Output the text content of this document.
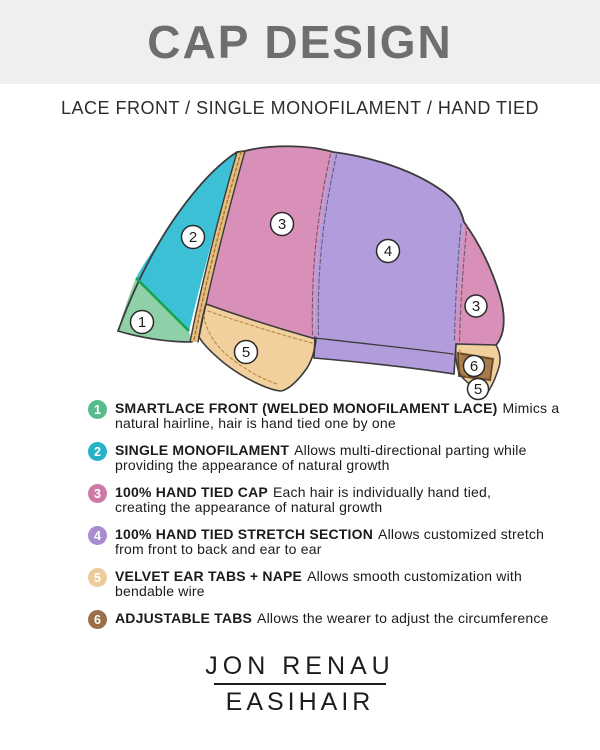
CAP DESIGN
LACE FRONT / SINGLE MONOFILAMENT / HAND TIED
1
2
3
4
3
5
6
5
1	SMARTLACE FRONT (WELDED MONOFILAMENT LACE) Mimics a
natural hairline, hair is hand tied one by one
2	SINGLE MONOFILAMENT Allows multi-directional parting while
providing the appearance of natural growth
3	100% HAND TIED CAP Each hair is individually hand tied,
creating the appearance of natural growth
4	100% HAND TIED STRETCH SECTION Allows customized stretch
from front to back and ear to ear
5	VELVET EAR TABS + NAPE Allows smooth customization with
bendable wire
6	ADJUSTABLE TABS Allows the wearer to adjust the circumference
JON RENAU
EASIHAIR
